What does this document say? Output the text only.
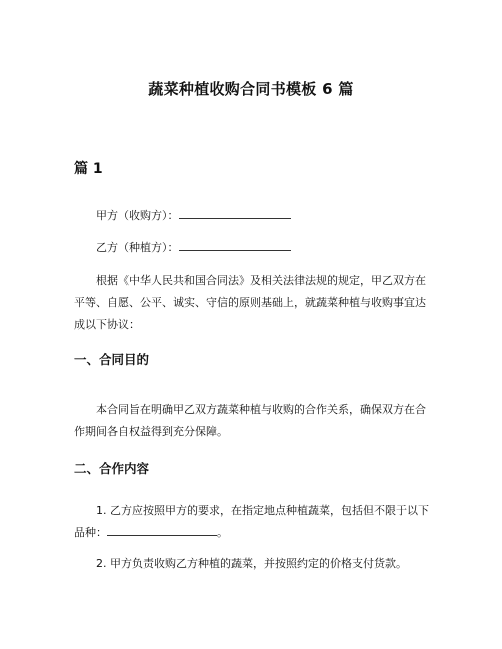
蔬菜种植收购合同书模板 6 篇
篇 1
甲方（收购方）：
乙方（种植方）：
根据《中华人民共和国合同法》及相关法律法规的规定，甲乙双方在平等、自愿、公平、诚实、守信的原则基础上，就蔬菜种植与收购事宜达成以下协议：
一、合同目的
本合同旨在明确甲乙双方蔬菜种植与收购的合作关系，确保双方在合作期间各自权益得到充分保障。
二、合作内容
1. 乙方应按照甲方的要求，在指定地点种植蔬菜，包括但不限于以下品种：	。
2. 甲方负责收购乙方种植的蔬菜，并按照约定的价格支付货款。
